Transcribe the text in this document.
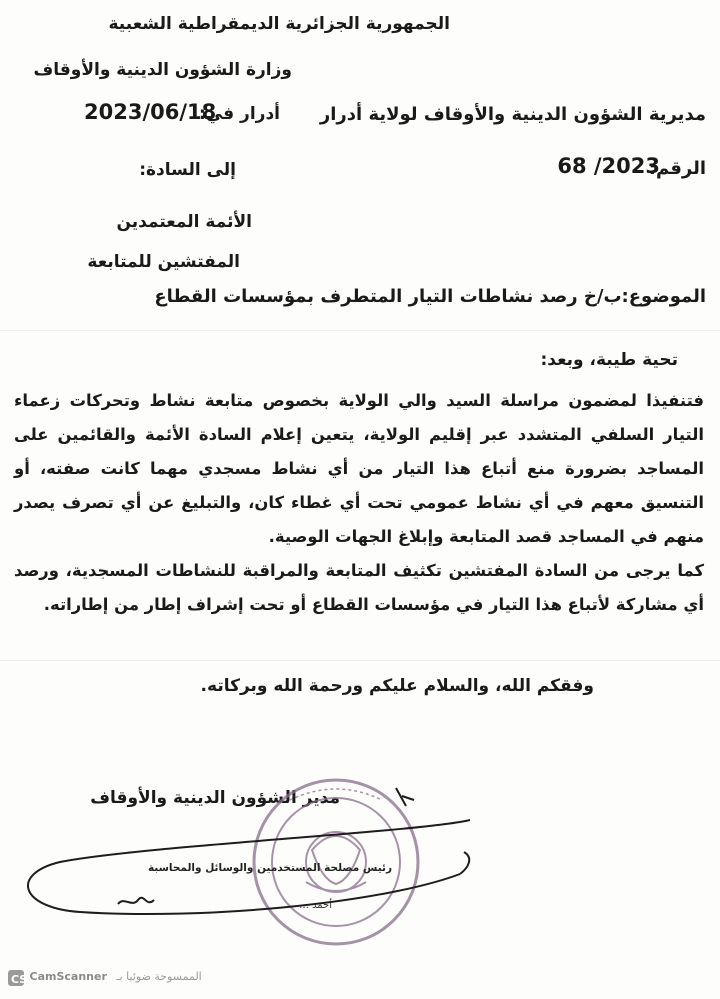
الجمهورية الجزائرية الديمقراطية الشعبية
وزارة الشؤون الدينية والأوقاف
مديرية الشؤون الدينية والأوقاف لولاية أدرار
أدرار في:
2023/06/18
الرقم:
68 /2023
إلى السادة:
الأئمة المعتمدين
المفتشين للمتابعة
الموضوع:ب/خ رصد نشاطات التيار المتطرف بمؤسسات القطاع
تحية طيبة، وبعد:

فتنفيذا لمضمون مراسلة السيد والي الولاية بخصوص متابعة نشاط وتحركات زعماء التيار السلفي المتشدد عبر إقليم الولاية، يتعين إعلام السادة الأئمة والقائمين على المساجد بضرورة منع أتباع هذا التيار من أي نشاط مسجدي مهما كانت صفته، أو التنسيق معهم في أي نشاط عمومي تحت أي غطاء كان، والتبليغ عن أي تصرف يصدر منهم في المساجد قصد المتابعة وإبلاغ الجهات الوصية.

كما يرجى من السادة المفتشين تكثيف المتابعة والمراقبة للنشاطات المسجدية، ورصد أي مشاركة لأتباع هذا التيار في مؤسسات القطاع أو تحت إشراف إطار من إطاراته.

وفقكم الله، والسلام عليكم ورحمة الله وبركاته.
مدير الشؤون الدينية والأوقاف
CS
رئيس مصلحة المستخدمين والوسائل والمحاسبة
أحمد ...
CamScanner الممسوحة ضوئيا بـ
